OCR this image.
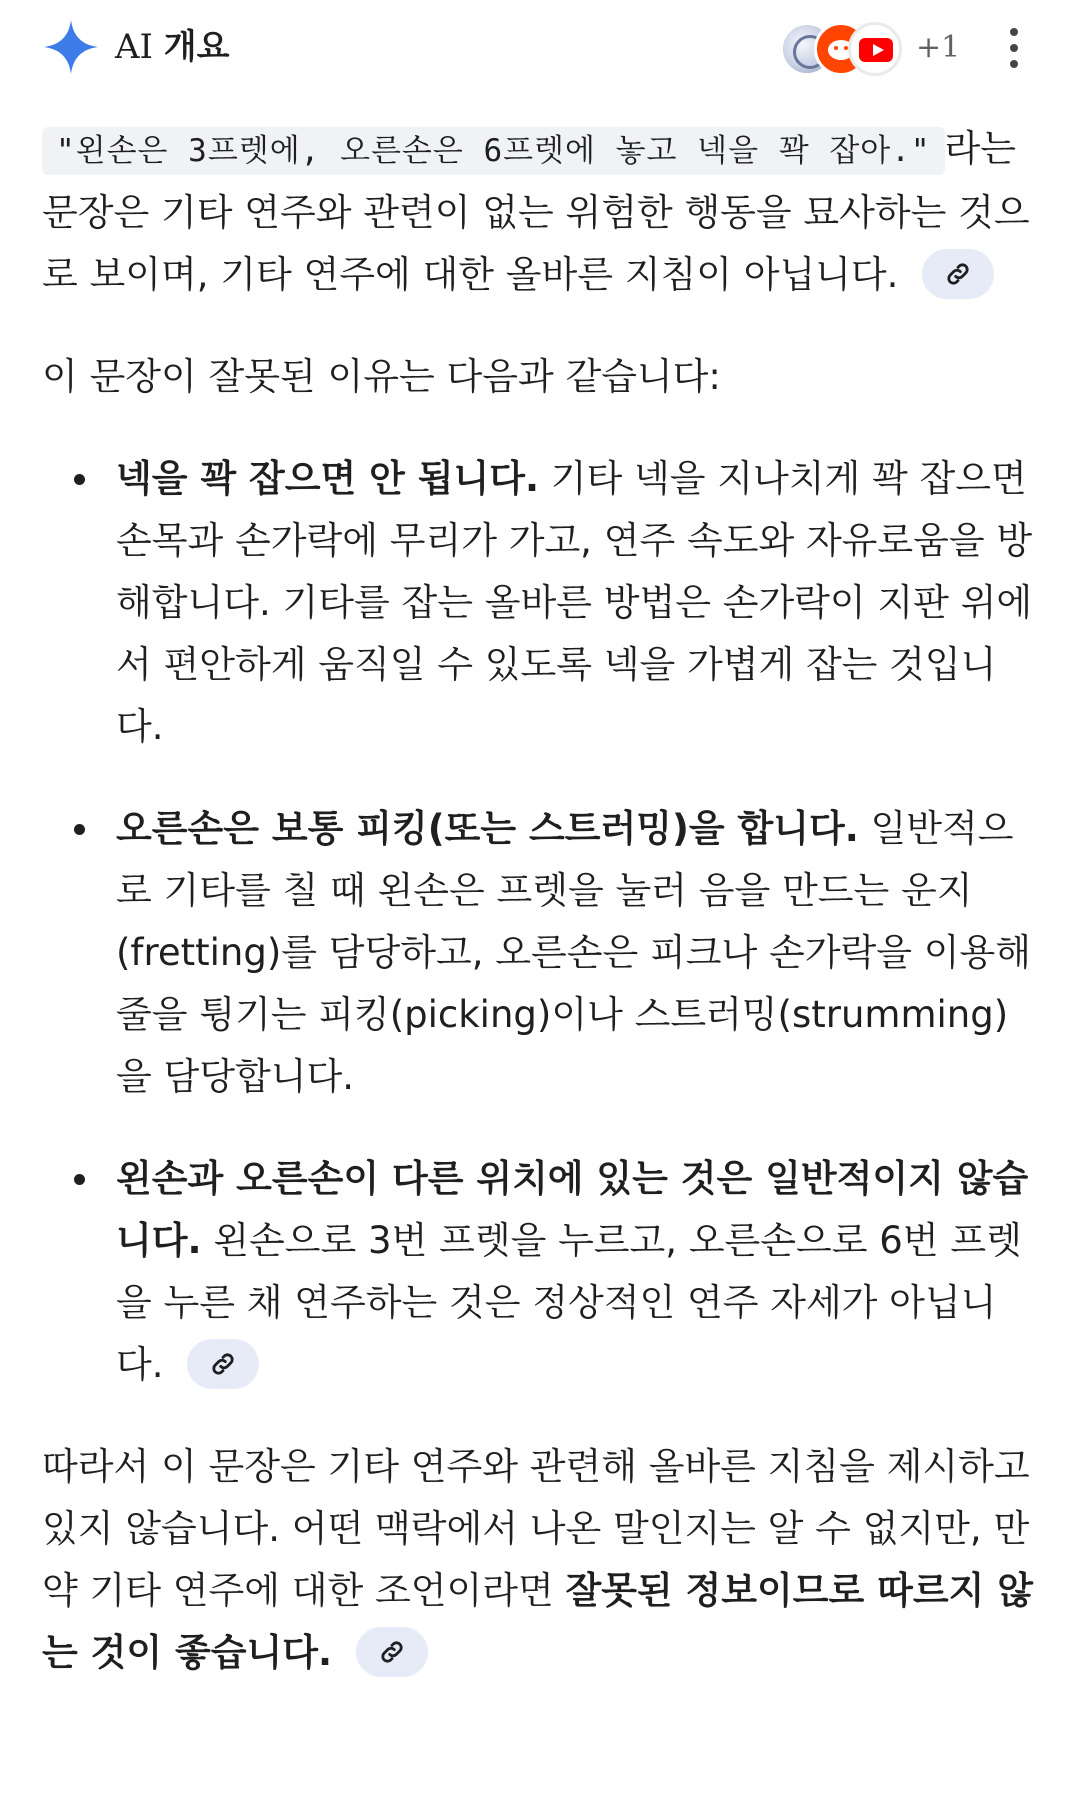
AI 개요	+1

"왼손은 3프렛에, 오른손은 6프렛에 놓고 넥을 꽉 잡아." 라는 문장은 기타 연주와 관련이 없는 위험한 행동을 묘사하는 것으로 보이며, 기타 연주에 대한 올바른 지침이 아닙니다.

이 문장이 잘못된 이유는 다음과 같습니다:

넥을 꽉 잡으면 안 됩니다. 기타 넥을 지나치게 꽉 잡으면 손목과 손가락에 무리가 가고, 연주 속도와 자유로움을 방해합니다. 기타를 잡는 올바른 방법은 손가락이 지판 위에서 편안하게 움직일 수 있도록 넥을 가볍게 잡는 것입니다.
오른손은 보통 피킹(또는 스트러밍)을 합니다. 일반적으로 기타를 칠 때 왼손은 프렛을 눌러 음을 만드는 운지(fretting)를 담당하고, 오른손은 피크나 손가락을 이용해 줄을 튕기는 피킹(picking)이나 스트러밍(strumming)을 담당합니다.
왼손과 오른손이 다른 위치에 있는 것은 일반적이지 않습니다. 왼손으로 3번 프렛을 누르고, 오른손으로 6번 프렛을 누른 채 연주하는 것은 정상적인 연주 자세가 아닙니다.

따라서 이 문장은 기타 연주와 관련해 올바른 지침을 제시하고 있지 않습니다. 어떤 맥락에서 나온 말인지는 알 수 없지만, 만약 기타 연주에 대한 조언이라면 잘못된 정보이므로 따르지 않는 것이 좋습니다.
